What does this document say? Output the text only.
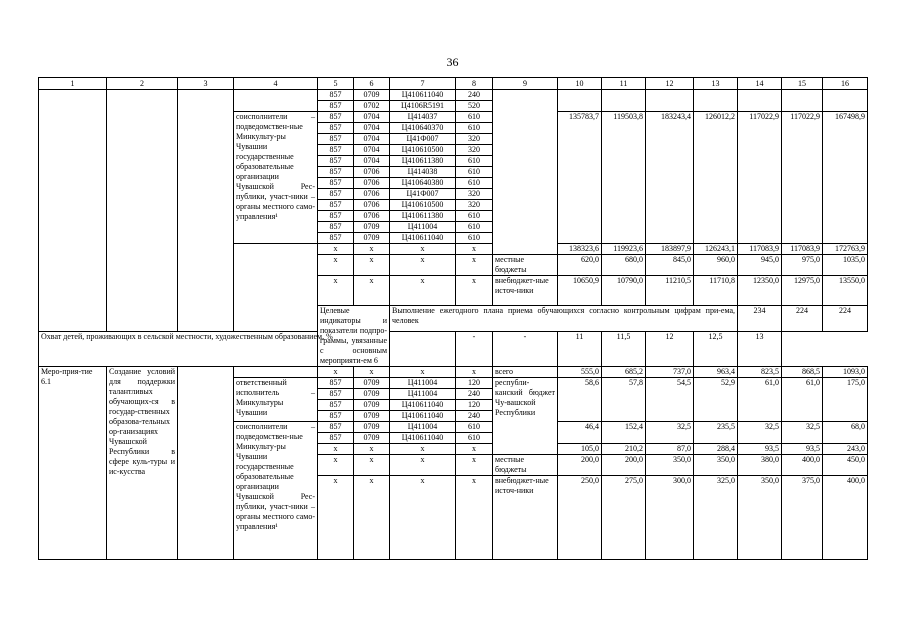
36
1	2	3	4	5	6	7	8	9	10	11	12	13	14	15	16	
				857	0709	Ц410611040	240									
				857	0702	Ц4106R5191	520									
			соисполнители – подведомствен-ные Минкульту-ры Чувашии государственные образовательные организации Чувашской Рес-публики, участ-ники – органы местного само-управления¹	857	0704	Ц414037	610		135783,7	119503,8	183243,4	126012,2	117022,9	117022,9	167498,9	
				857	0704	Ц410640370	610									
				857	0704	Ц41Ф007	320									
				857	0704	Ц410610500	320									
				857	0704	Ц410611380	610									
				857	0706	Ц414038	610									
				857	0706	Ц410640380	610									
				857	0706	Ц41Ф007	320									
				857	0706	Ц410610500	320									
				857	0706	Ц410611380	610									
				857	0709	Ц411004	610									
				857	0709	Ц410611040	610									
				x	x	x	x		138323,6	119923,6	183897,9	126243,1	117083,9	117083,9	172763,9	
				x	x	x	x	местные бюджеты	620,0	680,0	845,0	960,0	945,0	975,0	1035,0	
				x	x	x	x	внебюджет-ные источ-ники	10650,9	10790,0	11210,5	11710,8	12350,0	12975,0	13550,0	
				Целевые индикаторы и показатели подпро-граммы, увязанные с основным мероприяти-ем 6		Выполнение ежегодного плана приема обучающихся согласно контрольным цифрам при-ема, человек							234	224	224				
Охват детей, проживающих в сельской местности, художественным образованием, %							-	-	11	11,5	12	12,5	13			
Меро-прия-тие 6.1	Создание условий для поддержки талантливых обучающих-ся в государ-ственных образова-тельных ор-ганизациях Чувашской Республики в сфере куль-туры и ис-кусства			x	x	x	x	всего	555,0	685,2	737,0	963,4	823,5	868,5	1093,0	
			ответственный исполнитель – Минкультуры Чувашии	857	0709	Ц411004	120	республи-канский бюджет Чу-вашской Республики	58,6	57,8	54,5	52,9	61,0	61,0	175,0	
				857	0709	Ц411004	240									
				857	0709	Ц410611040	120									
				857	0709	Ц410611040	240									
			соисполнители – подведомствен-ные Минкульту-ры Чувашии государственные образовательные организации Чувашской Рес-публики, участ-ники – органы местного само-управления¹	857	0709	Ц411004	610		46,4	152,4	32,5	235,5	32,5	32,5	68,0	
				857	0709	Ц410611040	610									
				x	x	x	x		105,0	210,2	87,0	288,4	93,5	93,5	243,0	
				x	x	x	x	местные бюджеты	200,0	200,0	350,0	350,0	380,0	400,0	450,0	
				x	x	x	x	внебюджет-ные источ-ники	250,0	275,0	300,0	325,0	350,0	375,0	400,0	
